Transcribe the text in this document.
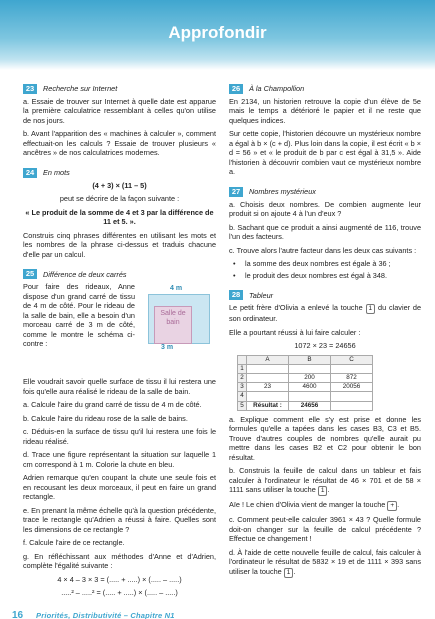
Approfondir
23	Recherche sur Internet

a. Essaie de trouver sur Internet à quelle date est apparue la première calculatrice ressemblant à celles qu'on utilise de nos jours.

b. Avant l'apparition des « machines à calculer », comment effectuait-on les calculs ? Essaie de trouver plusieurs « ancêtres » de nos calculatrices modernes.

24	En mots

(4 + 3) × (11 – 5)

peut se décrire de la façon suivante :

« Le produit de la somme de 4 et 3 par la différence de 11 et 5. ».

Construis cinq phrases différentes en utilisant les mots et les nombres de la phrase ci-dessus et traduis chacune d'elle par un calcul.

25	Différence de deux carrés

Pour faire des rideaux, Anne dispose d'un grand carré de tissu de 4 m de côté. Pour le rideau de la salle de bain, elle a besoin d'un morceau carré de 3 m de côté, comme le montre le schéma ci-contre :

4 m
Salle de bain
3 m

Elle voudrait savoir quelle surface de tissu il lui restera une fois qu'elle aura réalisé le rideau de la salle de bain.

a. Calcule l'aire du grand carré de tissu de 4 m de côté.

b. Calcule l'aire du rideau rose de la salle de bains.

c. Déduis-en la surface de tissu qu'il lui restera une fois le rideau réalisé.

d. Trace une figure représentant la situation sur laquelle 1 cm correspond à 1 m. Colorie la chute en bleu.

Adrien remarque qu'en coupant la chute une seule fois et en recousant les deux morceaux, il peut en faire un grand rectangle.

e. En prenant la même échelle qu'à la question précédente, trace le rectangle qu'Adrien a réussi à faire. Quelles sont les dimensions de ce rectangle ?

f. Calcule l'aire de ce rectangle.

g. En réfléchissant aux méthodes d'Anne et d'Adrien, complète l'égalité suivante :

4 × 4 – 3 × 3 = (..... + .....) × (..... – .....)

.....² – .....² = (..... + .....) × (..... – .....)

26	À la Champollion

En 2134, un historien retrouve la copie d'un élève de 5e mais le temps a détérioré le papier et il ne reste que quelques indices.

Sur cette copie, l'historien découvre un mystérieux nombre a égal à b × (c + d). Plus loin dans la copie, il est écrit « b × d = 56 » et « le produit de b par c est égal à 31,5 ». Aide l'historien à découvrir combien vaut ce mystérieux nombre a.

27	Nombres mystérieux

a. Choisis deux nombres. De combien augmente leur produit si on ajoute 4 à l'un d'eux ?

b. Sachant que ce produit a ainsi augmenté de 116, trouve l'un des facteurs.

c. Trouve alors l'autre facteur dans les deux cas suivants :

• la somme des deux nombres est égale à 36 ;
• le produit des deux nombres est égal à 348.
28	Tableur

Le petit frère d'Olivia a enlevé la touche 1 du clavier de son ordinateur.

Elle a pourtant réussi à lui faire calculer :

1072 × 23 = 24656

	A	B	C
1			
2		200	872
3	23	4600	20056
4			
5	Résultat :	24656	

a. Explique comment elle s'y est prise et donne les formules qu'elle a tapées dans les cases B3, C3 et B5. Trouve d'autres couples de nombres qu'elle aurait pu mettre dans les cases B2 et C2 pour obtenir le bon résultat.

b. Construis la feuille de calcul dans un tableur et fais calculer à l'ordinateur le résultat de 46 × 701 et de 58 × 1111 sans utiliser la touche 1 .

Aïe ! Le chien d'Olivia vient de manger la touche + .

c. Comment peut-elle calculer 3961 × 43 ? Quelle formule doit-on changer sur la feuille de calcul précédente ? Effectue ce changement !

d. À l'aide de cette nouvelle feuille de calcul, fais calculer à l'ordinateur le résultat de 5832 × 19 et de 1111 × 393 sans utiliser la touche 1 .

16 Priorités, Distributivité – Chapitre N1
